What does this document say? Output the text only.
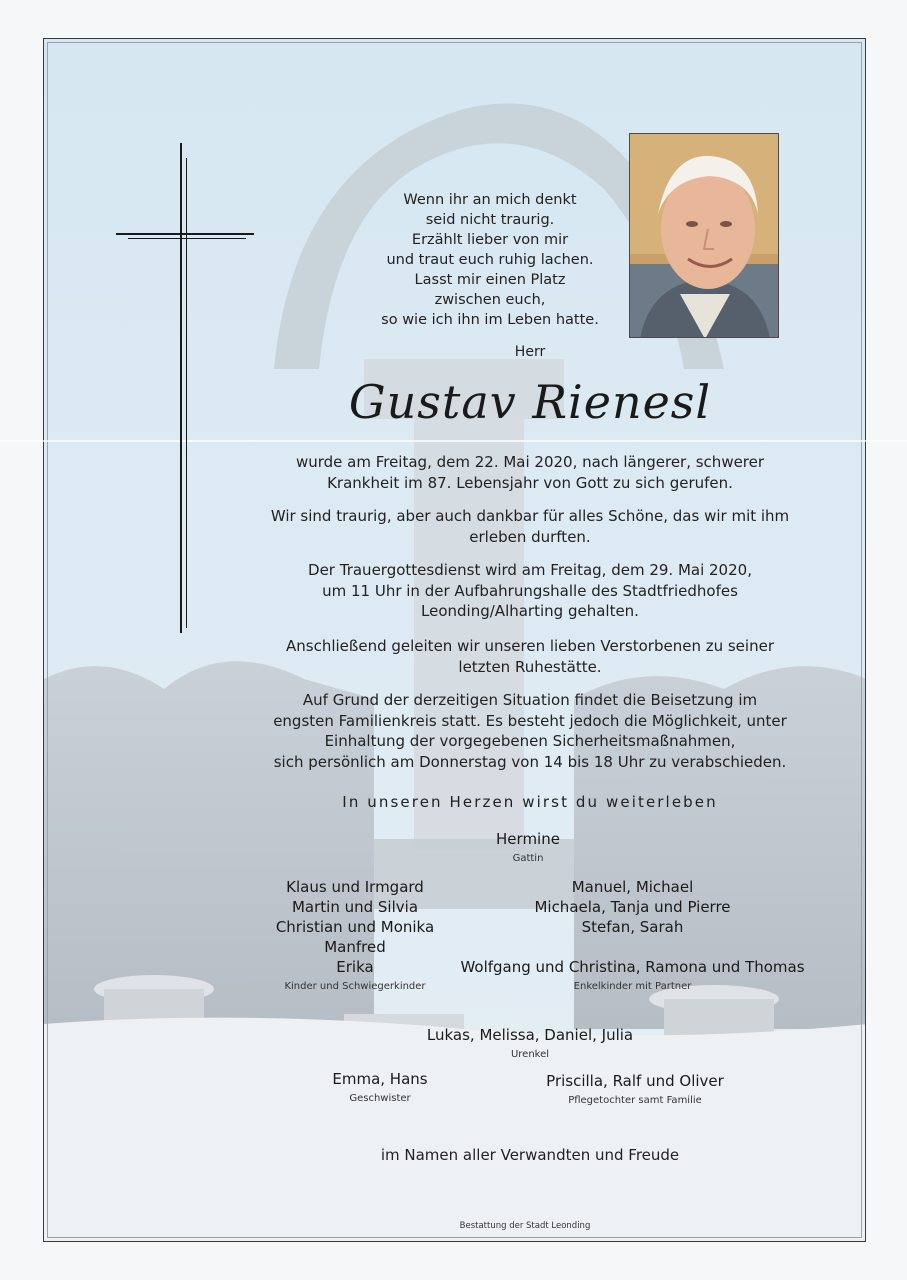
Wenn ihr an mich denkt
seid nicht traurig.
Erzählt lieber von mir
und traut euch ruhig lachen.
Lasst mir einen Platz
zwischen euch,
so wie ich ihn im Leben hatte.
Herr
Gustav Rienesl
wurde am Freitag, dem 22. Mai 2020, nach längerer, schwerer
Krankheit im 87. Lebensjahr von Gott zu sich gerufen.
Wir sind traurig, aber auch dankbar für alles Schöne, das wir mit ihm
erleben durften.
Der Trauergottesdienst wird am Freitag, dem 29. Mai 2020,
um 11 Uhr in der Aufbahrungshalle des Stadtfriedhofes
Leonding/Alharting gehalten.
Anschließend geleiten wir unseren lieben Verstorbenen zu seiner
letzten Ruhestätte.
Auf Grund der derzeitigen Situation findet die Beisetzung im
engsten Familienkreis statt. Es besteht jedoch die Möglichkeit, unter
Einhaltung der vorgegebenen Sicherheitsmaßnahmen,
sich persönlich am Donnerstag von 14 bis 18 Uhr zu verabschieden.
In unseren Herzen wirst du weiterleben
Hermine
Gattin
Klaus und Irmgard
Martin und Silvia
Christian und Monika
Manfred
Erika
Kinder und Schwiegerkinder
Manuel, Michael
Michaela, Tanja und Pierre
Stefan, Sarah
Wolfgang und Christina, Ramona und Thomas
Enkelkinder mit Partner
Lukas, Melissa, Daniel, Julia
Urenkel
Emma, Hans
Geschwister
Priscilla, Ralf und Oliver
Pflegetochter samt Familie
im Namen aller Verwandten und Freude
Bestattung der Stadt Leonding
